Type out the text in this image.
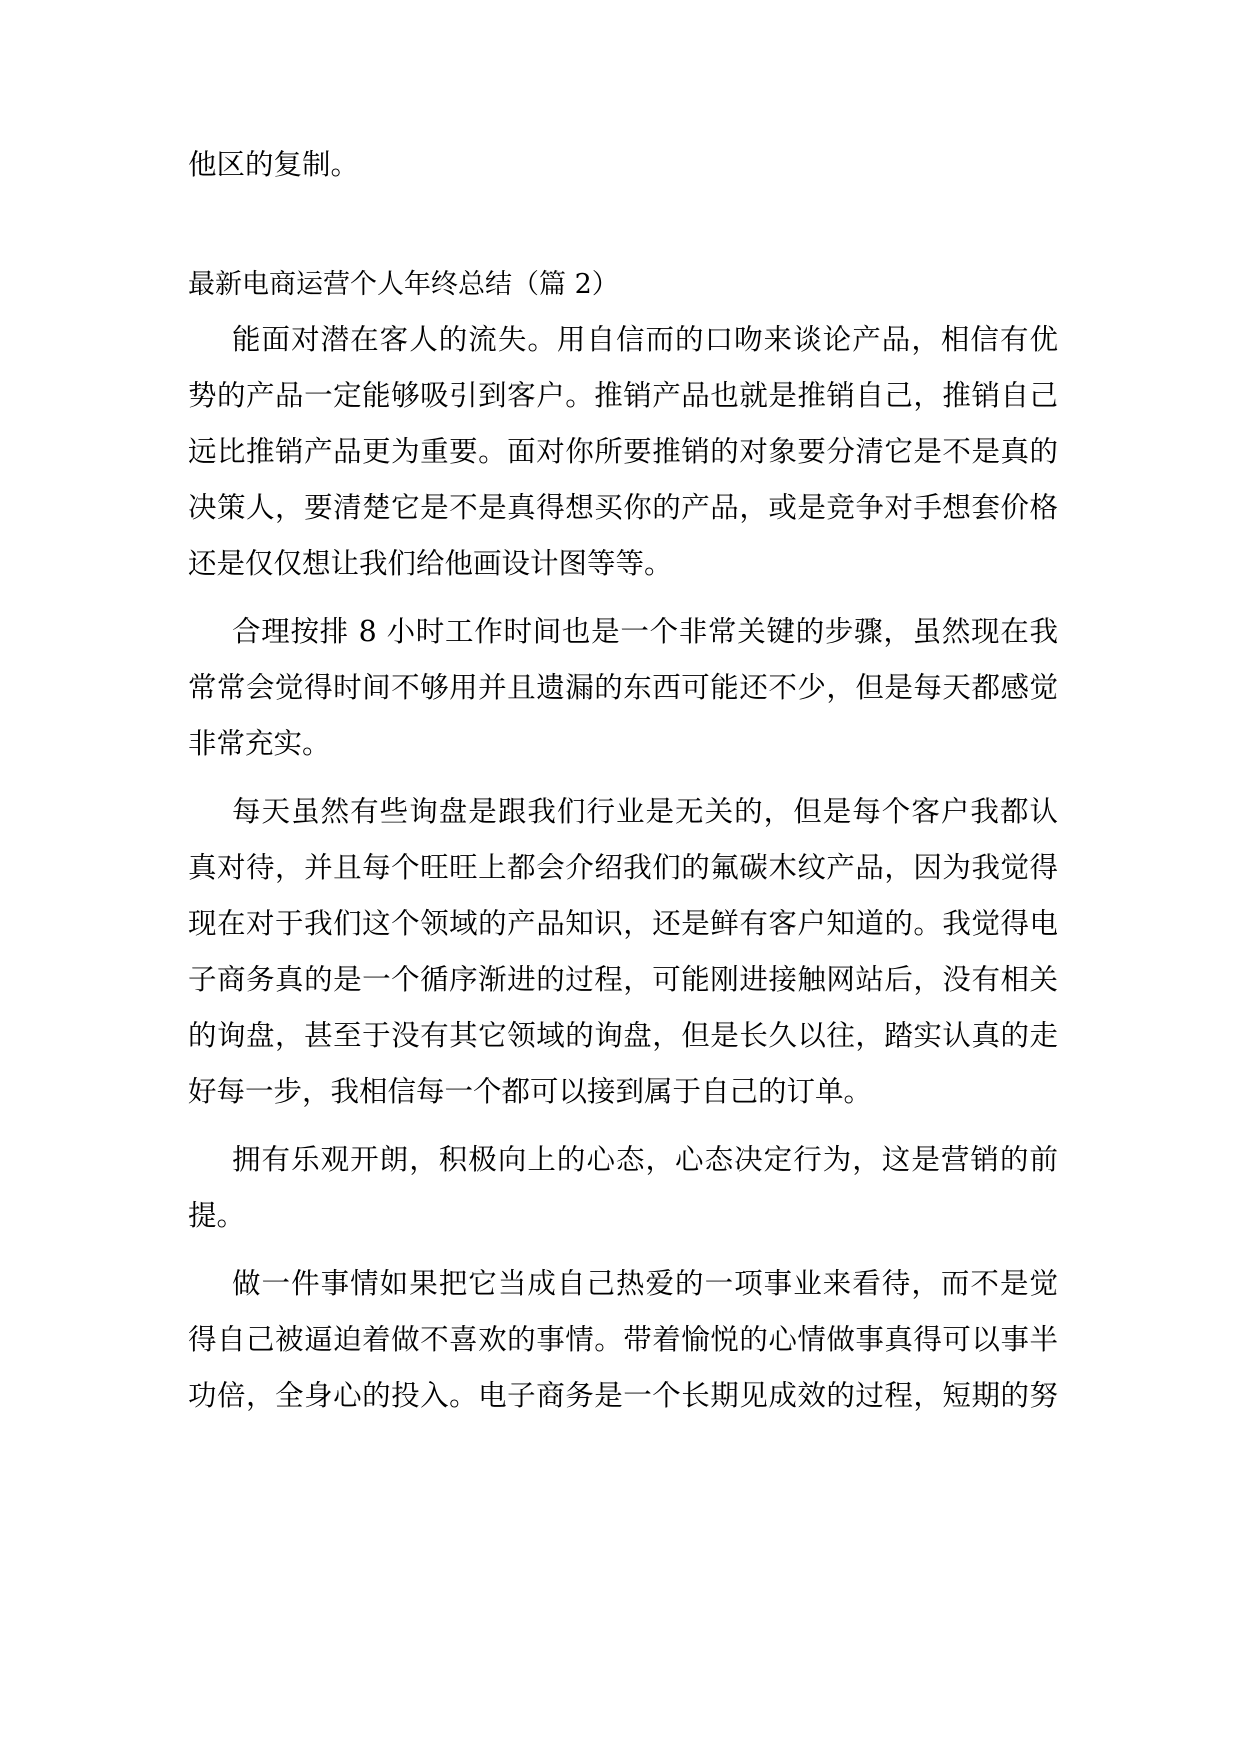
他区的复制。
最新电商运营个人年终总结（篇 2）
能面对潜在客人的流失。用自信而的口吻来谈论产品，相信有优
势的产品一定能够吸引到客户。推销产品也就是推销自己，推销自己
远比推销产品更为重要。面对你所要推销的对象要分清它是不是真的
决策人，要清楚它是不是真得想买你的产品，或是竞争对手想套价格
还是仅仅想让我们给他画设计图等等。
合理按排 8 小时工作时间也是一个非常关键的步骤，虽然现在我
常常会觉得时间不够用并且遗漏的东西可能还不少，但是每天都感觉
非常充实。
每天虽然有些询盘是跟我们行业是无关的，但是每个客户我都认
真对待，并且每个旺旺上都会介绍我们的氟碳木纹产品，因为我觉得
现在对于我们这个领域的产品知识，还是鲜有客户知道的。我觉得电
子商务真的是一个循序渐进的过程，可能刚进接触网站后，没有相关
的询盘，甚至于没有其它领域的询盘，但是长久以往，踏实认真的走
好每一步，我相信每一个都可以接到属于自己的订单。
拥有乐观开朗，积极向上的心态，心态决定行为，这是营销的前
提。
做一件事情如果把它当成自己热爱的一项事业来看待，而不是觉
得自己被逼迫着做不喜欢的事情。带着愉悦的心情做事真得可以事半
功倍，全身心的投入。电子商务是一个长期见成效的过程，短期的努
